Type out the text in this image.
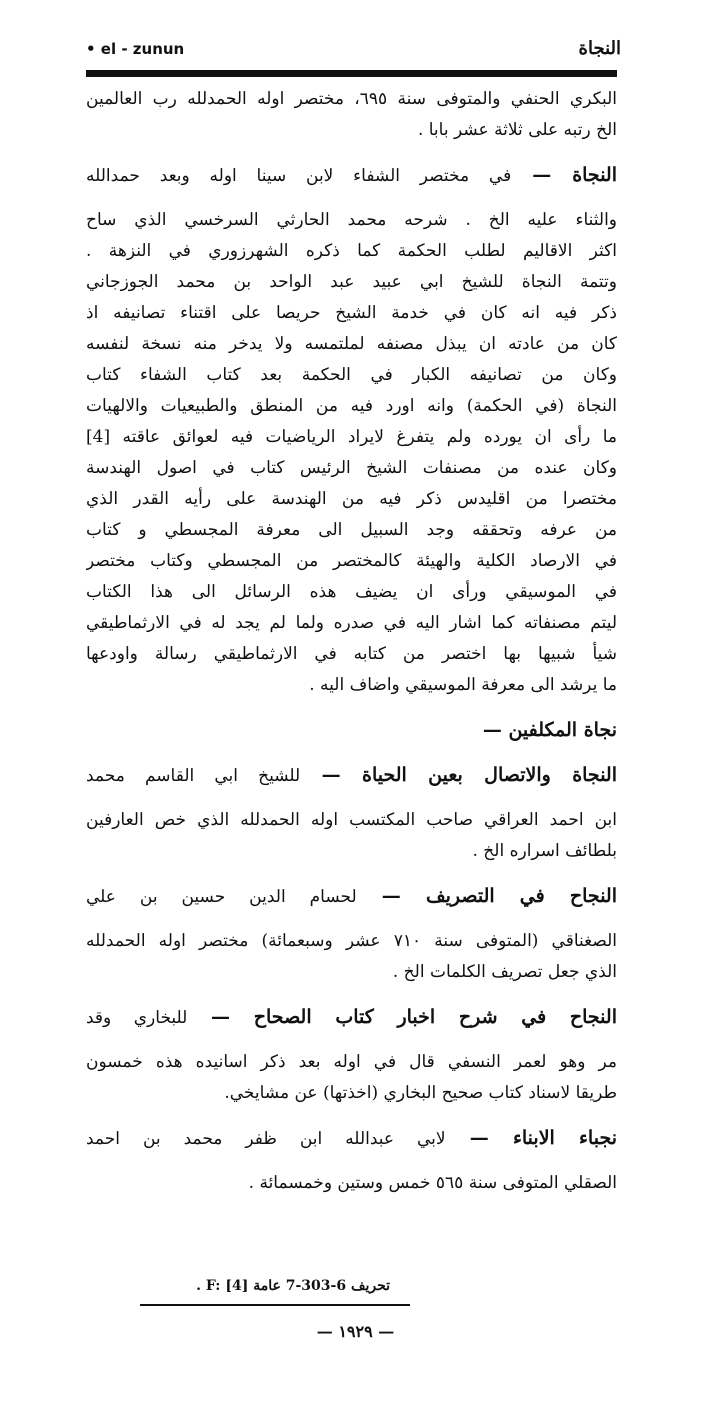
• el - zunun	النجاة
البكري الحنفي والمتوفى سنة ٦٩٥، مختصر اوله الحمدلله رب العالمين
الخ رتبه على ثلاثة عشر بابا .
النجاة — في مختصر الشفاء لابن سينا اوله وبعد حمدالله
والثناء عليه الخ . شرحه محمد الحارثي السرخسي الذي ساح
اكثر الاقاليم لطلب الحكمة كما ذكره الشهرزوري في النزهة .
وتتمة النجاة للشيخ ابي عبيد عبد الواحد بن محمد الجوزجاني
ذكر فيه انه كان في خدمة الشيخ حريصا على اقتناء تصانيفه اذ
كان من عادته ان يبذل مصنفه لملتمسه ولا يدخر منه نسخة لنفسه
وكان من تصانيفه الكبار في الحكمة بعد كتاب الشفاء كتاب
النجاة (في الحكمة) وانه اورد فيه من المنطق والطبيعيات والالهيات
ما رأى ان يورده ولم يتفرغ لايراد الرياضيات فيه لعوائق عاقته [4]
وكان عنده من مصنفات الشيخ الرئيس كتاب في اصول الهندسة
مختصرا من اقليدس ذكر فيه من الهندسة على رأيه القدر الذي
من عرفه وتحققه وجد السبيل الى معرفة المجسطي و كتاب
في الارصاد الكلية والهيئة كالمختصر من المجسطي وكتاب مختصر
في الموسيقي ورأى ان يضيف هذه الرسائل الى هذا الكتاب
ليتم مصنفاته كما اشار اليه في صدره ولما لم يجد له في الارثماطيقي
شيأ شبيها بها اختصر من كتابه في الارثماطيقي رسالة واودعها
ما يرشد الى معرفة الموسيقي واضاف اليه .
نجاة المكلفين —
النجاة والاتصال بعين الحياة — للشيخ ابي القاسم محمد
ابن احمد العراقي صاحب المكتسب اوله الحمدلله الذي خص العارفين
بلطائف اسراره الخ .
النجاح في التصريف — لحسام الدين حسين بن علي
الصغناقي (المتوفى سنة ٧١٠ عشر وسبعمائة) مختصر اوله الحمدلله
الذي جعل تصريف الكلمات الخ .
النجاح في شرح اخبار كتاب الصحاح — للبخاري وقد
مر وهو لعمر النسفي قال في اوله بعد ذكر اسانيده هذه خمسون
طريقا لاسناد كتاب صحيح البخاري (اخذتها) عن مشايخي.
نجباء الابناء — لابي عبدالله ابن ظفر محمد بن احمد
الصقلي المتوفى سنة ٥٦٥ خمس وستين وخمسمائة .
تحريف 6-303-7 عامة F: [4] .
— ١٩٢٩ —
